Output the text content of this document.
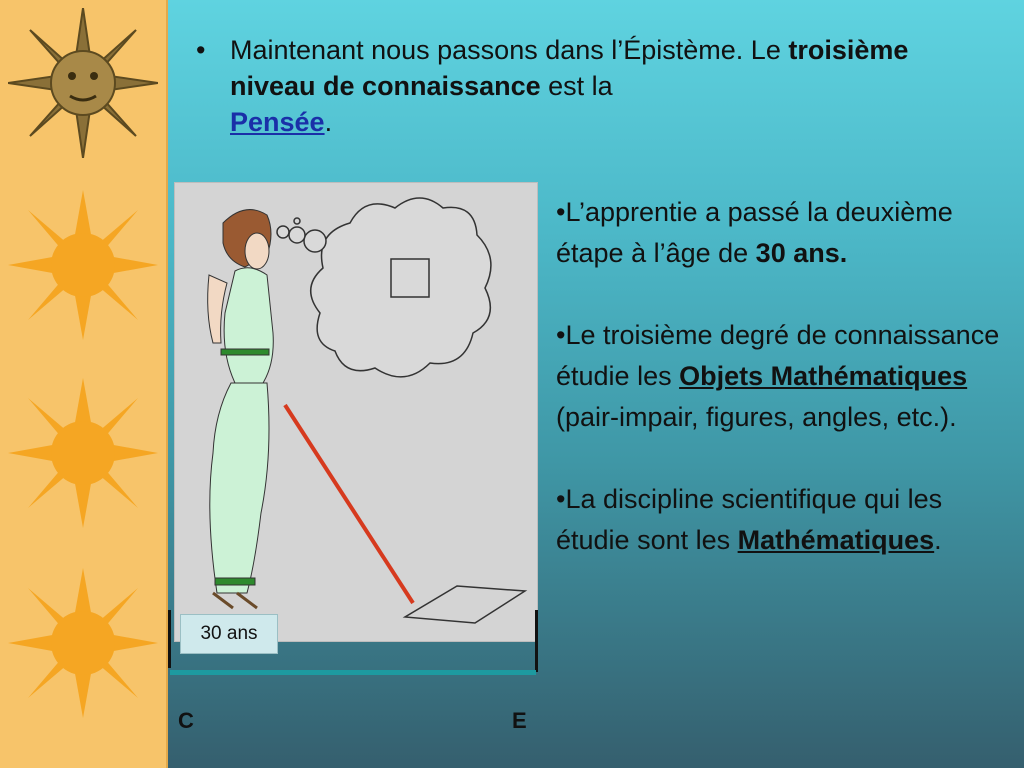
• Maintenant nous passons dans l’Épistème. Le troisième niveau de connaissance est la
Pensée.
30 ans
C	E

•L’apprentie a passé la deuxième étape à l’âge de 30 ans.

•Le troisième degré de connaissance étudie les Objets Mathématiques (pair-impair, figures, angles, etc.).

•La discipline scientifique qui les étudie sont les Mathématiques.
